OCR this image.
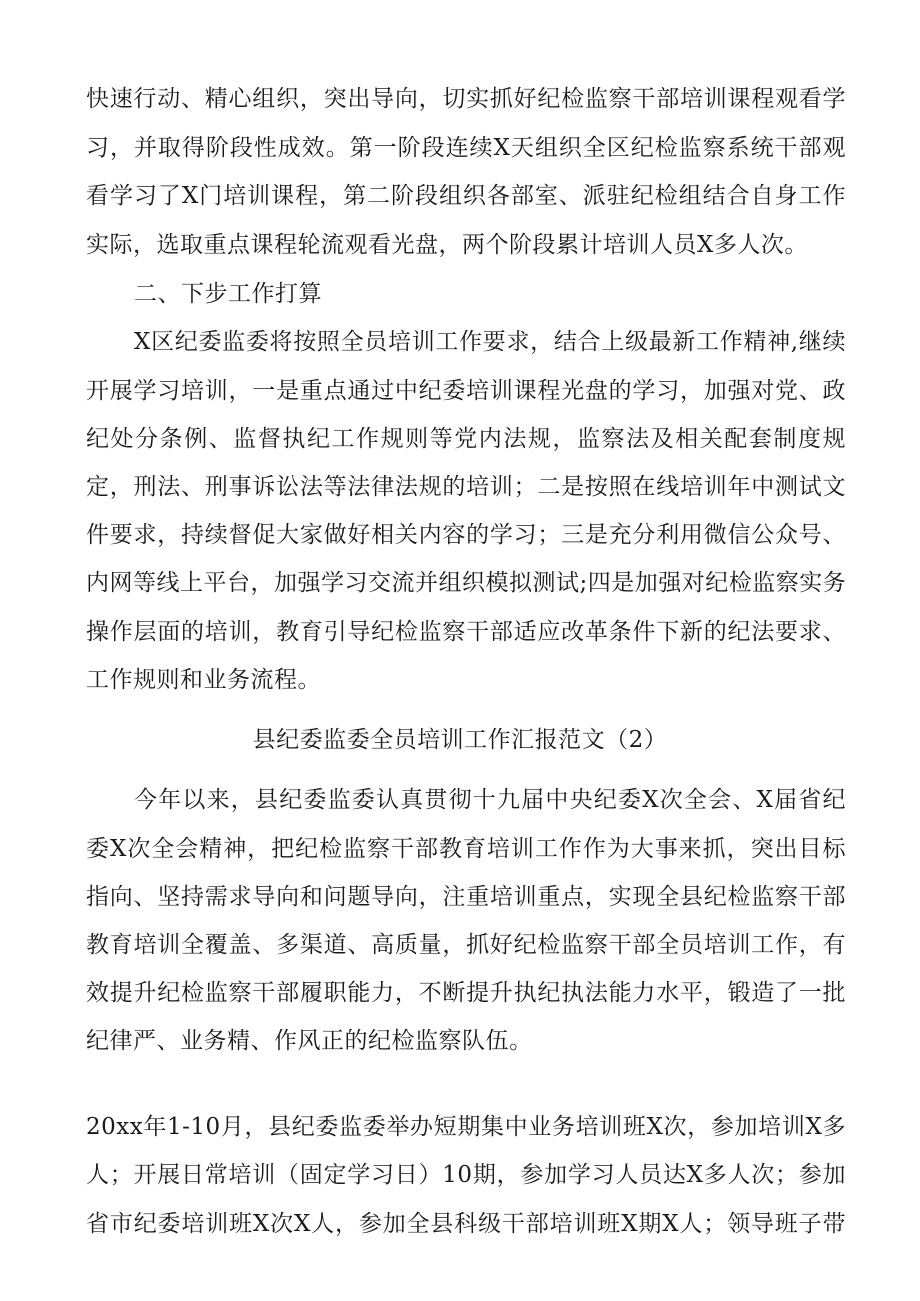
快速行动、精心组织，突出导向，切实抓好纪检监察干部培训课程观看学
习，并取得阶段性成效。第一阶段连续X天组织全区纪检监察系统干部观
看学习了X门培训课程，第二阶段组织各部室、派驻纪检组结合自身工作
实际，选取重点课程轮流观看光盘，两个阶段累计培训人员X多人次。
二、下步工作打算
X区纪委监委将按照全员培训工作要求，结合上级最新工作精神,继续
开展学习培训，一是重点通过中纪委培训课程光盘的学习，加强对党、政
纪处分条例、监督执纪工作规则等党内法规，监察法及相关配套制度规
定，刑法、刑事诉讼法等法律法规的培训；二是按照在线培训年中测试文
件要求，持续督促大家做好相关内容的学习；三是充分利用微信公众号、
内网等线上平台，加强学习交流并组织模拟测试;四是加强对纪检监察实务
操作层面的培训，教育引导纪检监察干部适应改革条件下新的纪法要求、
工作规则和业务流程。
县纪委监委全员培训工作汇报范文（2）
今年以来，县纪委监委认真贯彻十九届中央纪委X次全会、X届省纪
委X次全会精神，把纪检监察干部教育培训工作作为大事来抓，突出目标
指向、坚持需求导向和问题导向，注重培训重点，实现全县纪检监察干部
教育培训全覆盖、多渠道、高质量，抓好纪检监察干部全员培训工作，有
效提升纪检监察干部履职能力，不断提升执纪执法能力水平，锻造了一批
纪律严、业务精、作风正的纪检监察队伍。
20xx年1-10月，县纪委监委举办短期集中业务培训班X次，参加培训X多
人；开展日常培训（固定学习日）10期，参加学习人员达X多人次；参加
省市纪委培训班X次X人，参加全县科级干部培训班X期X人；领导班子带
